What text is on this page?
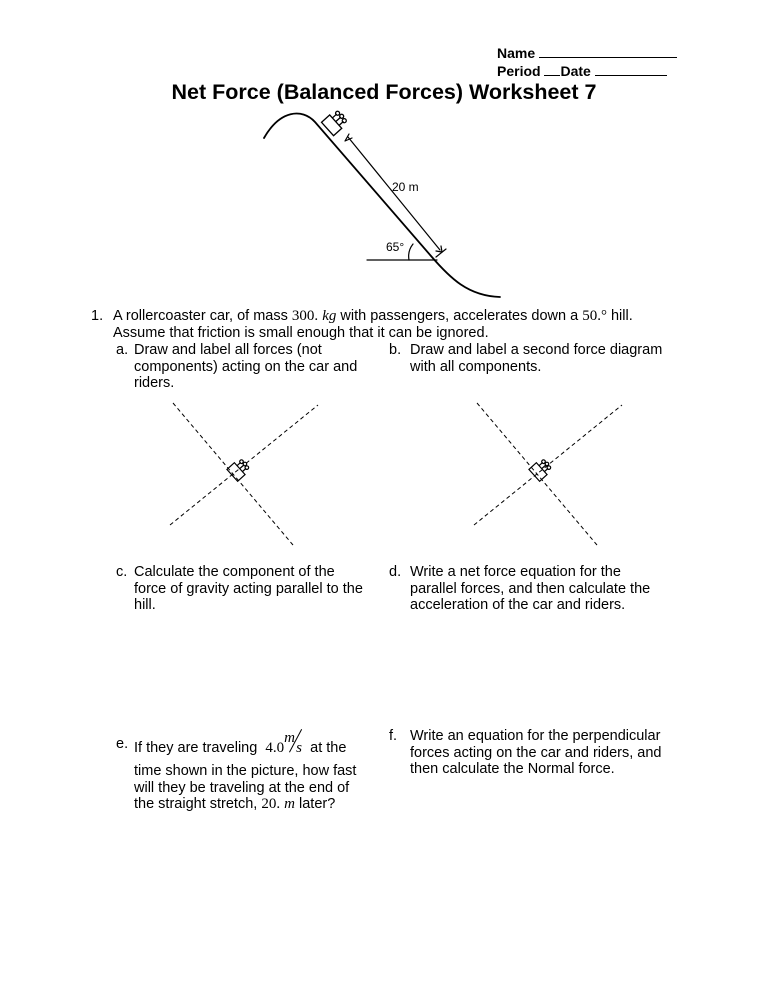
Name
Period Date
Net Force (Balanced Forces) Worksheet 7
20 m
65°
1. A rollercoaster car, of mass 300. kg with passengers, accelerates down a 50.° hill.
Assume that friction is small enough that it can be ignored.
a. Draw and label all forces (not
components) acting on the car and
riders.
b. Draw and label a second force diagram
with all components.
c. Calculate the component of the
force of gravity acting parallel to the
hill.
d. Write a net force equation for the
parallel forces, and then calculate the
acceleration of the car and riders.
e. If they are traveling 4.0
m
s at the
time shown in the picture, how fast
will they be traveling at the end of
the straight stretch, 20. m later?
f. Write an equation for the perpendicular
forces acting on the car and riders, and
then calculate the Normal force.
